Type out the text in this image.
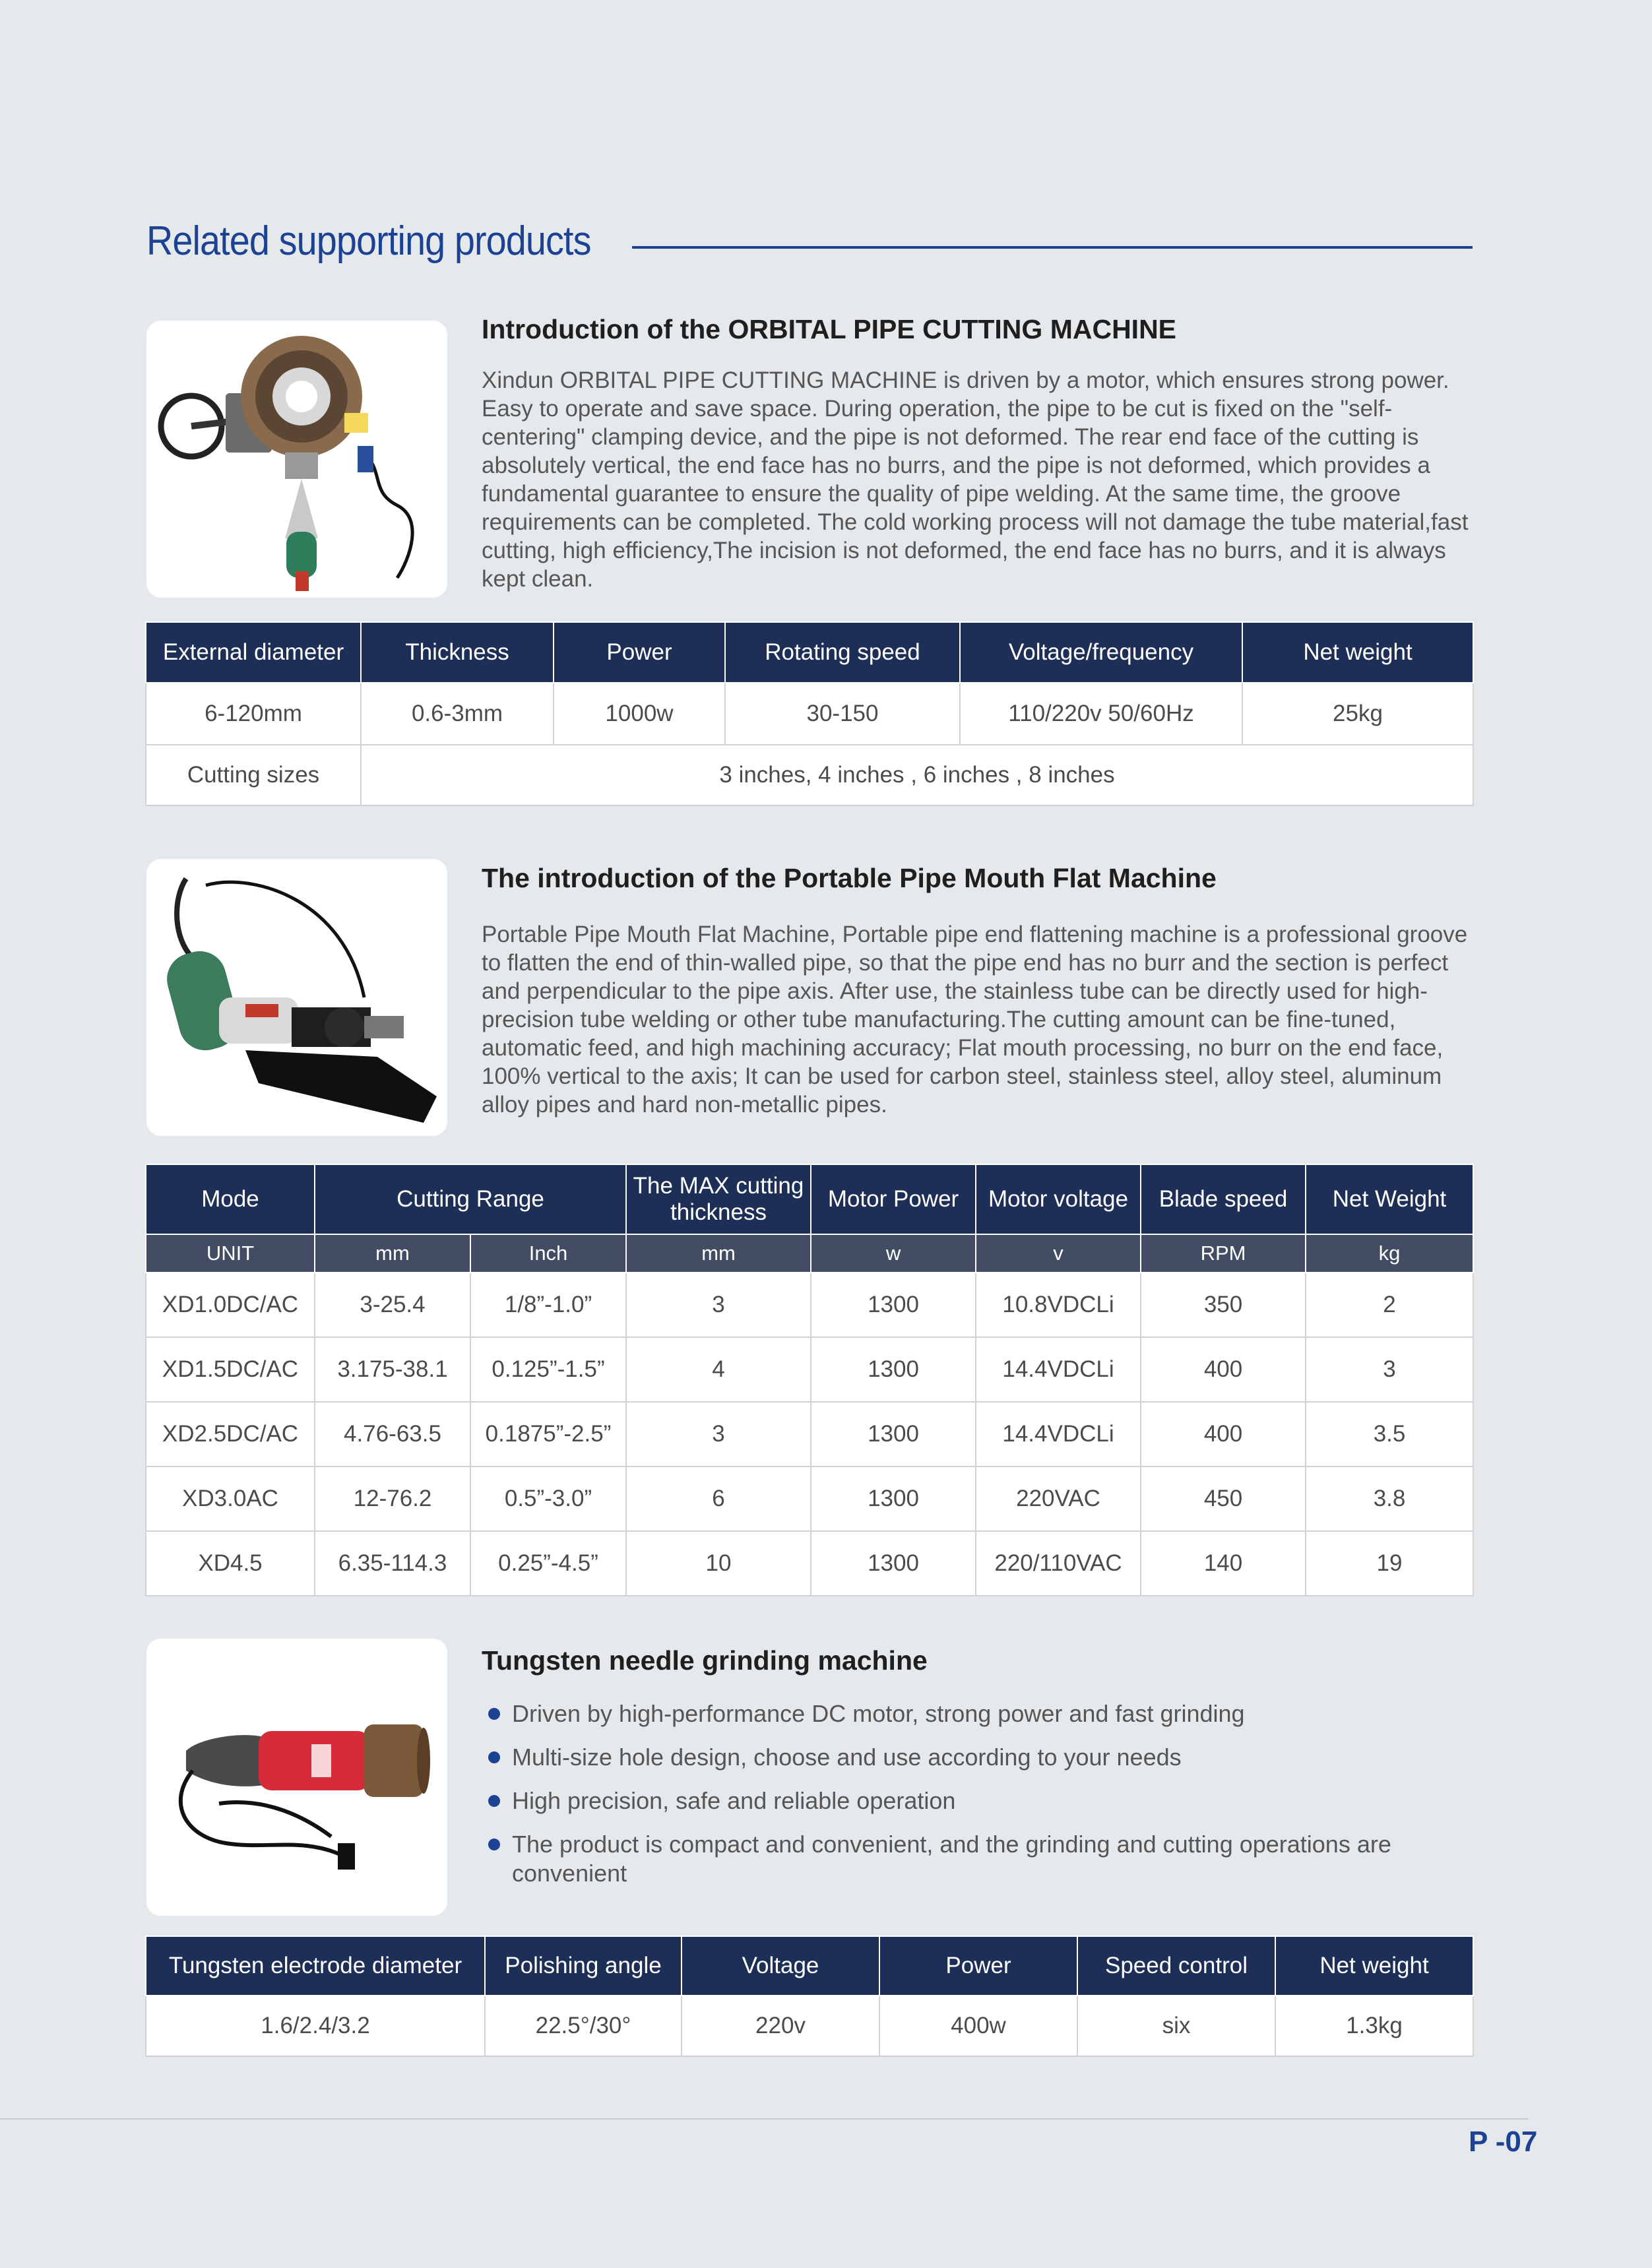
Related supporting products
Introduction of the ORBITAL PIPE CUTTING MACHINE
Xindun ORBITAL PIPE CUTTING MACHINE is driven by a motor, which ensures strong power. Easy to operate and save space. During operation, the pipe to be cut is fixed on the "self-centering" clamping device, and the pipe is not deformed. The rear end face of the cutting is absolutely vertical, the end face has no burrs, and the pipe is not deformed, which provides a fundamental guarantee to ensure the quality of pipe welding. At the same time, the groove requirements can be completed. The cold working process will not damage the tube material,fast cutting, high efficiency,The incision is not deformed, the end face has no burrs, and it is always kept clean.
External diameter	Thickness	Power	Rotating speed	Voltage/frequency	Net weight
6-120mm	0.6-3mm	1000w	30-150	110/220v 50/60Hz	25kg
Cutting sizes	3 inches, 4 inches , 6 inches , 8 inches				
The introduction of the Portable Pipe Mouth Flat Machine
Portable Pipe Mouth Flat Machine, Portable pipe end flattening machine is a professional groove to flatten the end of thin-walled pipe, so that the pipe end has no burr and the section is perfect and perpendicular to the pipe axis. After use, the stainless tube can be directly used for high-precision tube welding or other tube manufacturing.The cutting amount can be fine-tuned, automatic feed, and high machining accuracy; Flat mouth processing, no burr on the end face, 100% vertical to the axis; It can be used for carbon steel, stainless steel, alloy steel, aluminum alloy pipes and hard non-metallic pipes.
Mode	Cutting Range		The MAX cutting thickness	Motor Power	Motor voltage	Blade speed	Net Weight
UNIT	mm	Inch	mm	w	v	RPM	kg
XD1.0DC/AC	3-25.4	1/8”-1.0”	3	1300	10.8VDCLi	350	2
XD1.5DC/AC	3.175-38.1	0.125”-1.5”	4	1300	14.4VDCLi	400	3
XD2.5DC/AC	4.76-63.5	0.1875”-2.5”	3	1300	14.4VDCLi	400	3.5
XD3.0AC	12-76.2	0.5”-3.0”	6	1300	220VAC	450	3.8
XD4.5	6.35-114.3	0.25”-4.5”	10	1300	220/110VAC	140	19
Tungsten needle grinding machine
Driven by high-performance DC motor, strong power and fast grinding
Multi-size hole design, choose and use according to your needs
High precision, safe and reliable operation
The product is compact and convenient, and the grinding and cutting operations are convenient
Tungsten electrode diameter	Polishing angle	Voltage	Power	Speed control	Net weight
1.6/2.4/3.2	22.5°/30°	220v	400w	six	1.3kg
P -07
